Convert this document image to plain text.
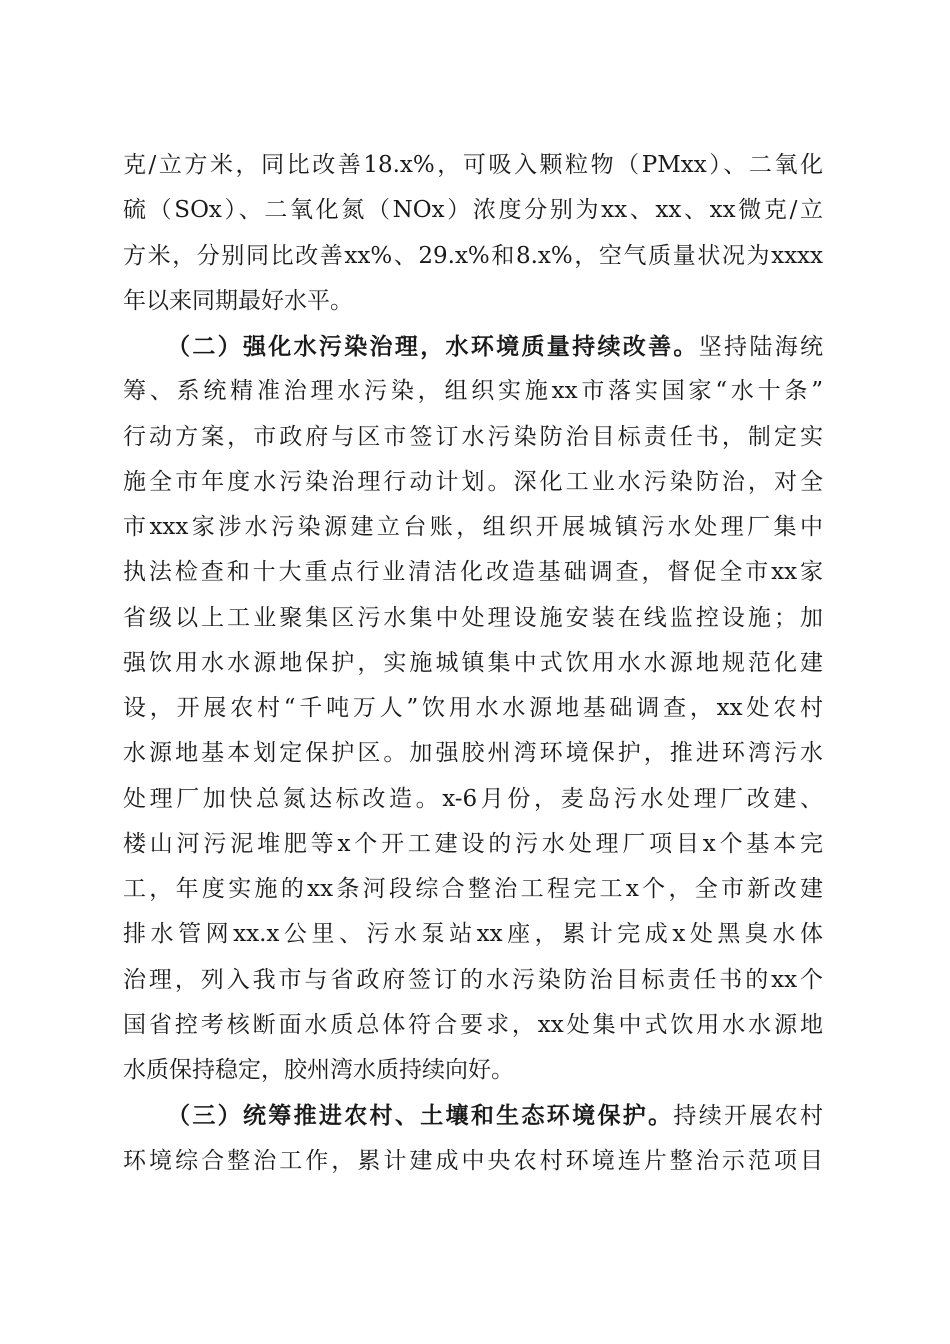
克/立方米，同比改善18.x%，可吸入颗粒物（PMxx）、二氧化
硫（SOx）、二氧化氮（NOx）浓度分别为xx、xx、xx微克/立
方米，分别同比改善xx%、29.x%和8.x%，空气质量状况为xxxx
年以来同期最好水平。
（二）强化水污染治理，水环境质量持续改善。坚持陆海统
筹、系统精准治理水污染，组织实施xx市落实国家“水十条”
行动方案，市政府与区市签订水污染防治目标责任书，制定实
施全市年度水污染治理行动计划。深化工业水污染防治，对全
市xxx家涉水污染源建立台账，组织开展城镇污水处理厂集中
执法检查和十大重点行业清洁化改造基础调查，督促全市xx家
省级以上工业聚集区污水集中处理设施安装在线监控设施；加
强饮用水水源地保护，实施城镇集中式饮用水水源地规范化建
设，开展农村“千吨万人”饮用水水源地基础调查，xx处农村
水源地基本划定保护区。加强胶州湾环境保护，推进环湾污水
处理厂加快总氮达标改造。x-6月份，麦岛污水处理厂改建、
楼山河污泥堆肥等x个开工建设的污水处理厂项目x个基本完
工，年度实施的xx条河段综合整治工程完工x个，全市新改建
排水管网xx.x公里、污水泵站xx座，累计完成x处黑臭水体
治理，列入我市与省政府签订的水污染防治目标责任书的xx个
国省控考核断面水质总体符合要求，xx处集中式饮用水水源地
水质保持稳定，胶州湾水质持续向好。
（三）统筹推进农村、土壤和生态环境保护。持续开展农村
环境综合整治工作，累计建成中央农村环境连片整治示范项目
